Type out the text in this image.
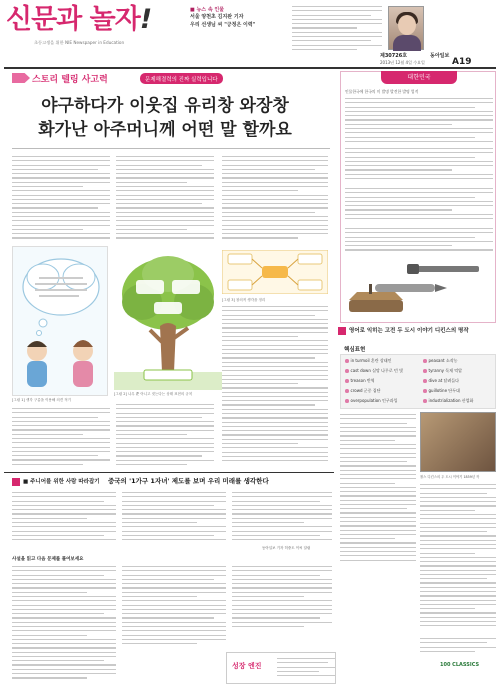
신문과 놀자!
초등고생을 위한 NIE Newspaper in Education
■ 뉴스 속 인물
서울 양천초 김지완 기자
우리 선생님 씨 "긍정은 이력"
제30726호	동아일보
2013년 12월 4일 수요일	A19
스토리 텔링 사고력	문제해결력의 진짜 실력입니다
야구하다가 이웃집 유리창 와장창
화가난 아주머니께 어떤 말 할까요
[그림 1] 생각 구름을 이용해 의견 적기
[그림 2] 나무 뿐 아니고 짓는다는 상태 표현의 규칙
[그림 3] 창의적 생각을 정리
대한민국
인물한국에 한국의 미 발명 발견한 발명 업적
영어로 익히는 고전 두 도시 이야기 디킨스의 명작
핵심표현
in turmoil 혼란 상태인	peasant 소작농
cast down 실망 나무로 던 빛	tyranny 독재 억압
treason 반역	dive at 달려들다
crowd 군중 집단	guillotine 단두대
overpopulation 인구과잉	industrialization 산업화
찰스 디킨스의 두 도시 이야기 1859년 작
100 CLASSICS
■ 주니어를 위한 사람 따라잡기 중국의 '1가구 1자녀' 제도를 보며 우리 미래를 생각한다
동아일보 기자 허중도 이씨 알림
사설을 읽고 다음 문제를 풀어보세요
성장 엔진
